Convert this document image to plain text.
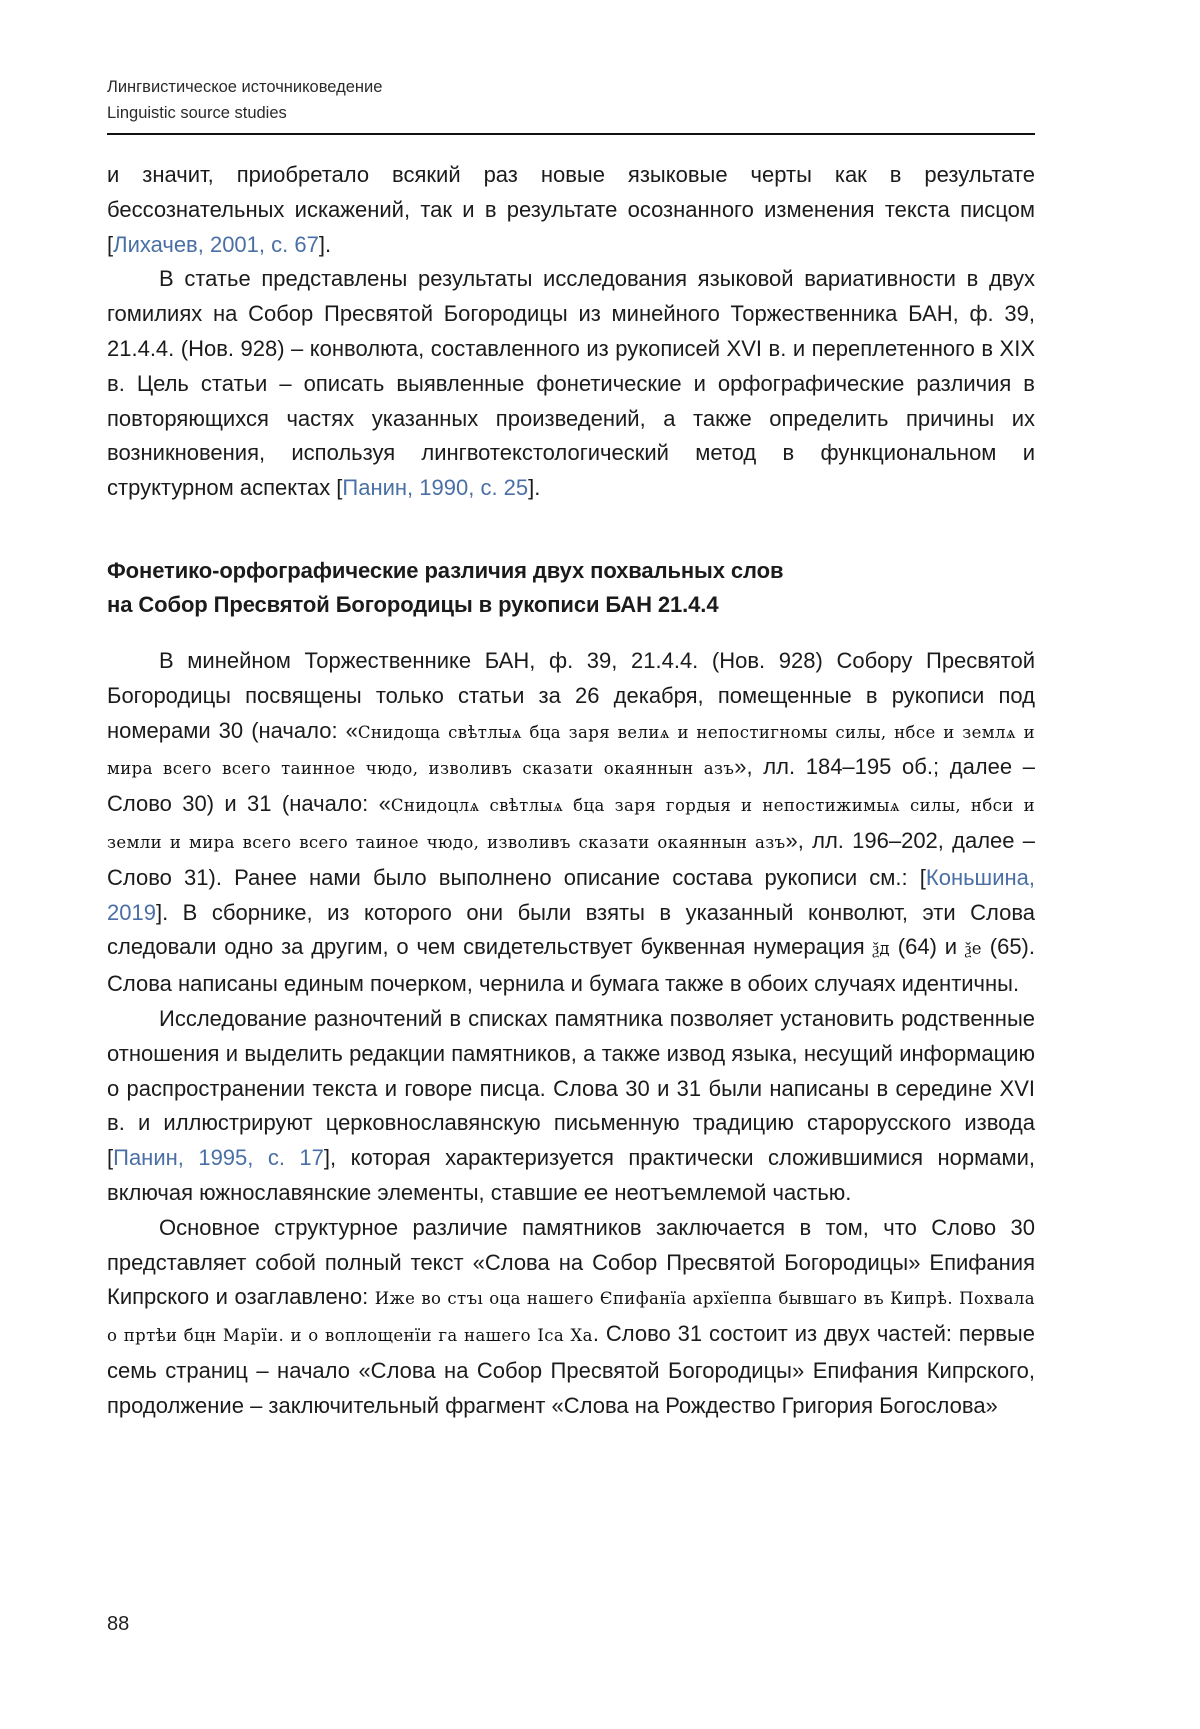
Лингвистическое источниковедение
Linguistic source studies

и значит, приобретало всякий раз новые языковые черты как в результате бессознательных искажений, так и в результате осознанного изменения текста писцом [Лихачев, 2001, с. 67].

В статье представлены результаты исследования языковой вариативности в двух гомилиях на Собор Пресвятой Богородицы из минейного Торжественника БАН, ф. 39, 21.4.4. (Нов. 928) – конволюта, составленного из рукописей XVI в. и переплетенного в XIX в. Цель статьи – описать выявленные фонетические и орфографические различия в повторяющихся частях указанных произведений, а также определить причины их возникновения, используя лингвотекстологический метод в функциональном и структурном аспектах [Панин, 1990, с. 25].

Фонетико-орфографические различия двух похвальных слов
на Собор Пресвятой Богородицы в рукописи БАН 21.4.4

В минейном Торжественнике БАН, ф. 39, 21.4.4. (Нов. 928) Собору Пресвятой Богородицы посвящены только статьи за 26 декабря, помещенные в рукописи под номерами 30 (начало: «Снидоща свѣтлыѧ бца заря велиѧ и непостигномы силы, нбсе и землѧ и мира всего всего таинное чюдо, изволивъ сказати окаяннын азъ», лл. 184–195 об.; далее – Слово 30) и 31 (начало: «Снидоцлѧ свѣтлыѧ бца заря гордыя и непостижимыѧ силы, нбси и земли и мира всего всего таиное чюдо, изволивъ сказати окаяннын азъ», лл. 196–202, далее – Слово 31). Ранее нами было выполнено описание состава рукописи см.: [Коньшина, 2019]. В сборнике, из которого они были взяты в указанный конволют, эти Слова следовали одно за другим, о чем свидетельствует буквенная нумерация ѯд (64) и ѯе (65). Слова написаны единым почерком, чернила и бумага также в обоих случаях идентичны.

Исследование разночтений в списках памятника позволяет установить родственные отношения и выделить редакции памятников, а также извод языка, несущий информацию о распространении текста и говоре писца. Слова 30 и 31 были написаны в середине XVI в. и иллюстрируют церковнославянскую письменную традицию старорусского извода [Панин, 1995, с. 17], которая характеризуется практически сложившимися нормами, включая южнославянские элементы, ставшие ее неотъемлемой частью.

Основное структурное различие памятников заключается в том, что Слово 30 представляет собой полный текст «Слова на Собор Пресвятой Богородицы» Епифания Кипрского и озаглавлено: Иже во стъı оца нашего Єпифанїа архїеппа бывшаго въ Кипрѣ. Похвала о пртѣи бцн Марїи. и о воплощенїи га нашего Іса Ха. Слово 31 состоит из двух частей: первые семь страниц – начало «Слова на Собор Пресвятой Богородицы» Епифания Кипрского, продолжение – заключительный фрагмент «Слова на Рождество Григория Богослова»

88
